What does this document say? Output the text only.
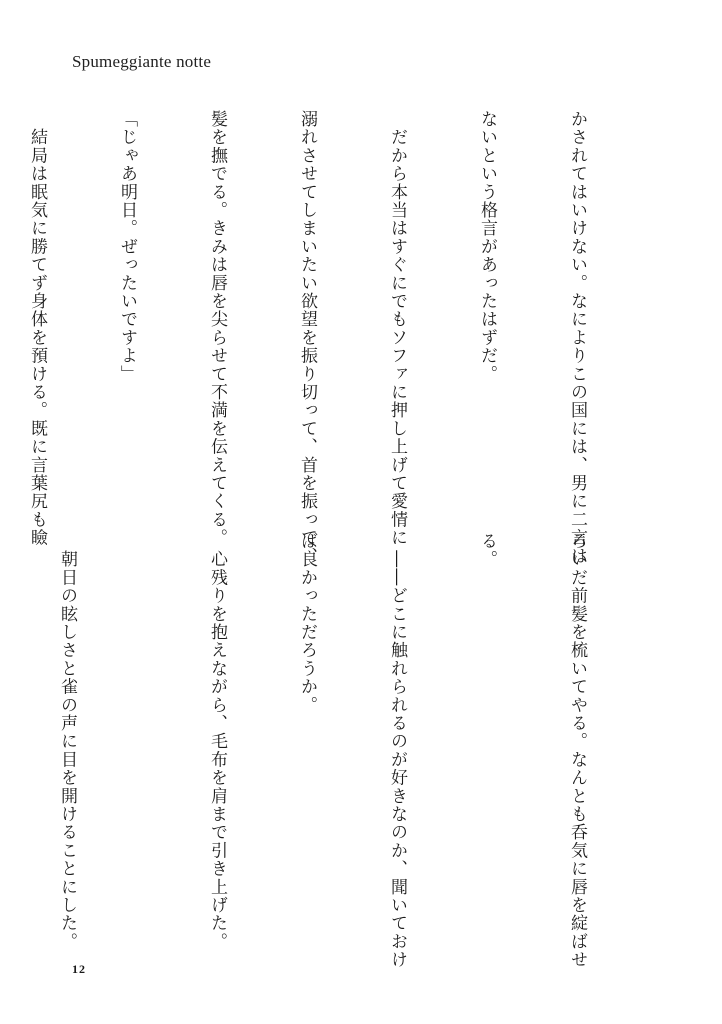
Spumeggiante notte

かされてはいけない。なによりこの国には、男に二言は

ないという格言があったはずだ。

　だから本当はすぐにでもソファに押し上げて愛情に

溺れさせてしまいたい欲望を振り切って、首を振って、

髪を撫でる。きみは唇を尖らせて不満を伝えてくる。

「じゃあ明日。ぜったいですよ」

　結局は眠気に勝てず身体を預ける。既に言葉尻も瞼

ろいだ前髪を梳いてやる。なんとも呑気に唇を綻ばせ

る。

　――どこに触れられるのが好きなのか、聞いておけ

ば良かっただろうか。

　心残りを抱えながら、毛布を肩まで引き上げた。

　朝日の眩しさと雀の声に目を開けることにした。

12
